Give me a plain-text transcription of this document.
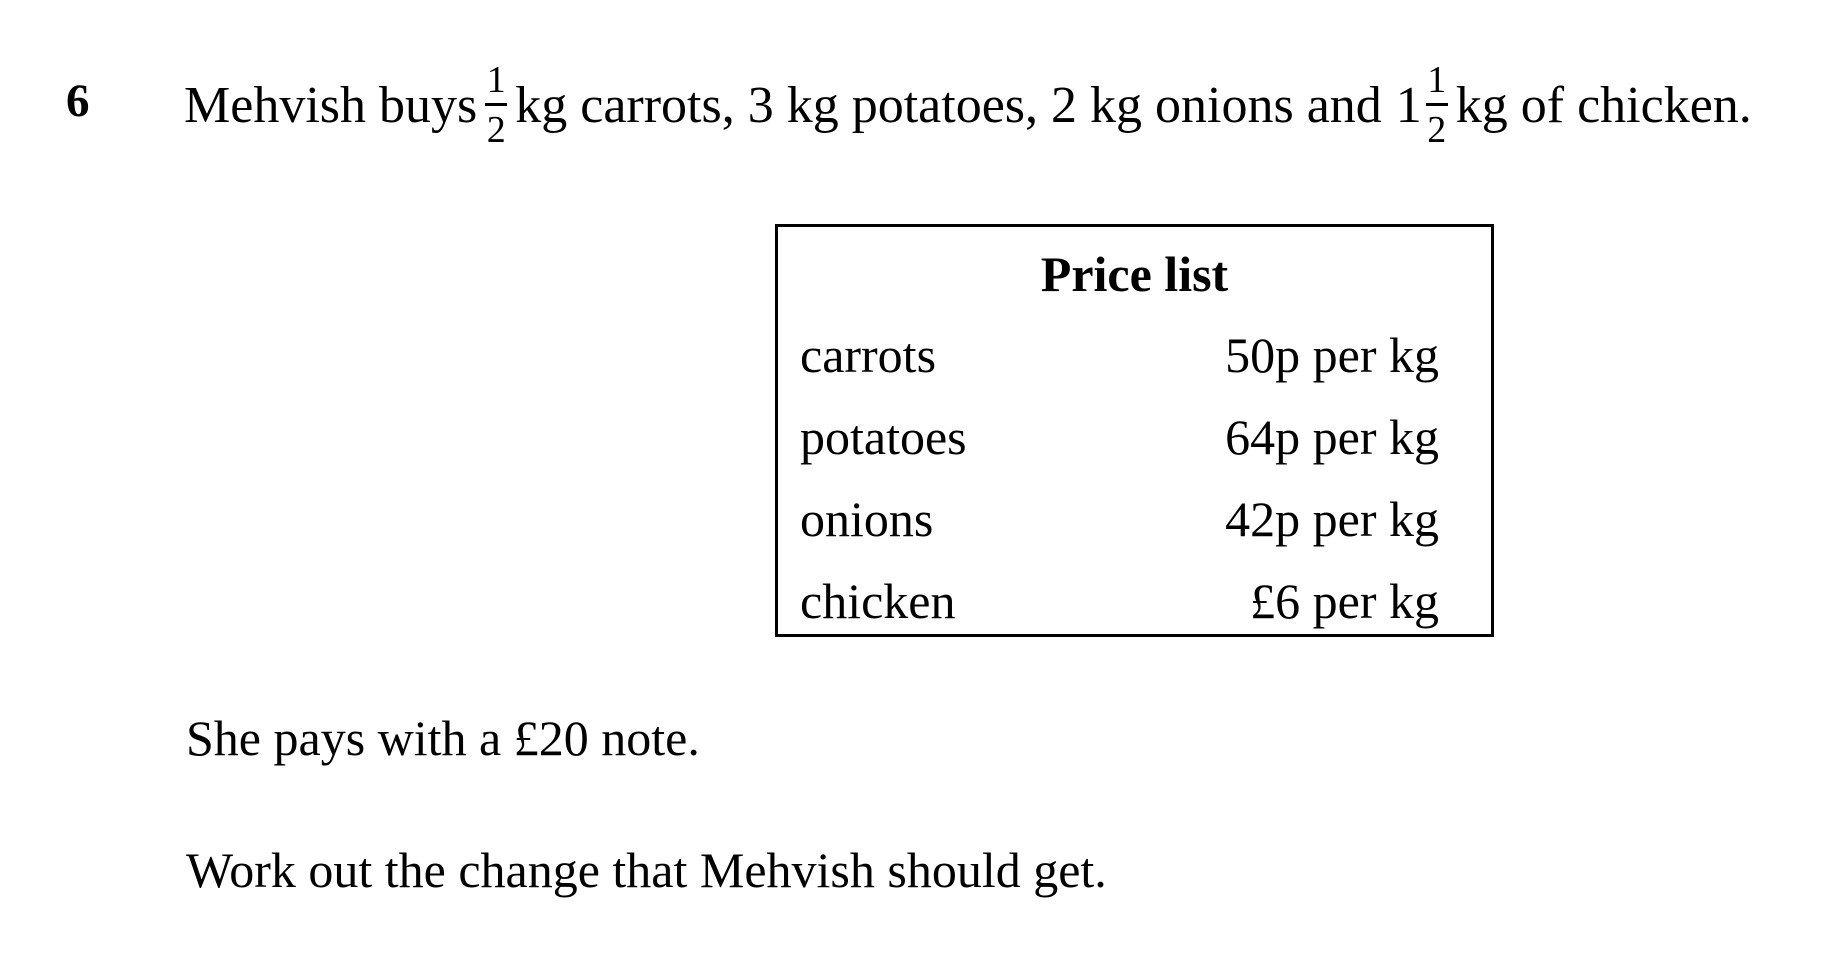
6 Mehvish buys $\frac{1}{2}$ kg carrots, 3 kg potatoes, 2 kg onions and $1 \frac{1}{2}$ kg of chicken.
Price list
carrots	50p per kg
potatoes	64p per kg
onions	42p per kg
chicken	£6 per kg
She pays with a £20 note.
Work out the change that Mehvish should get.
